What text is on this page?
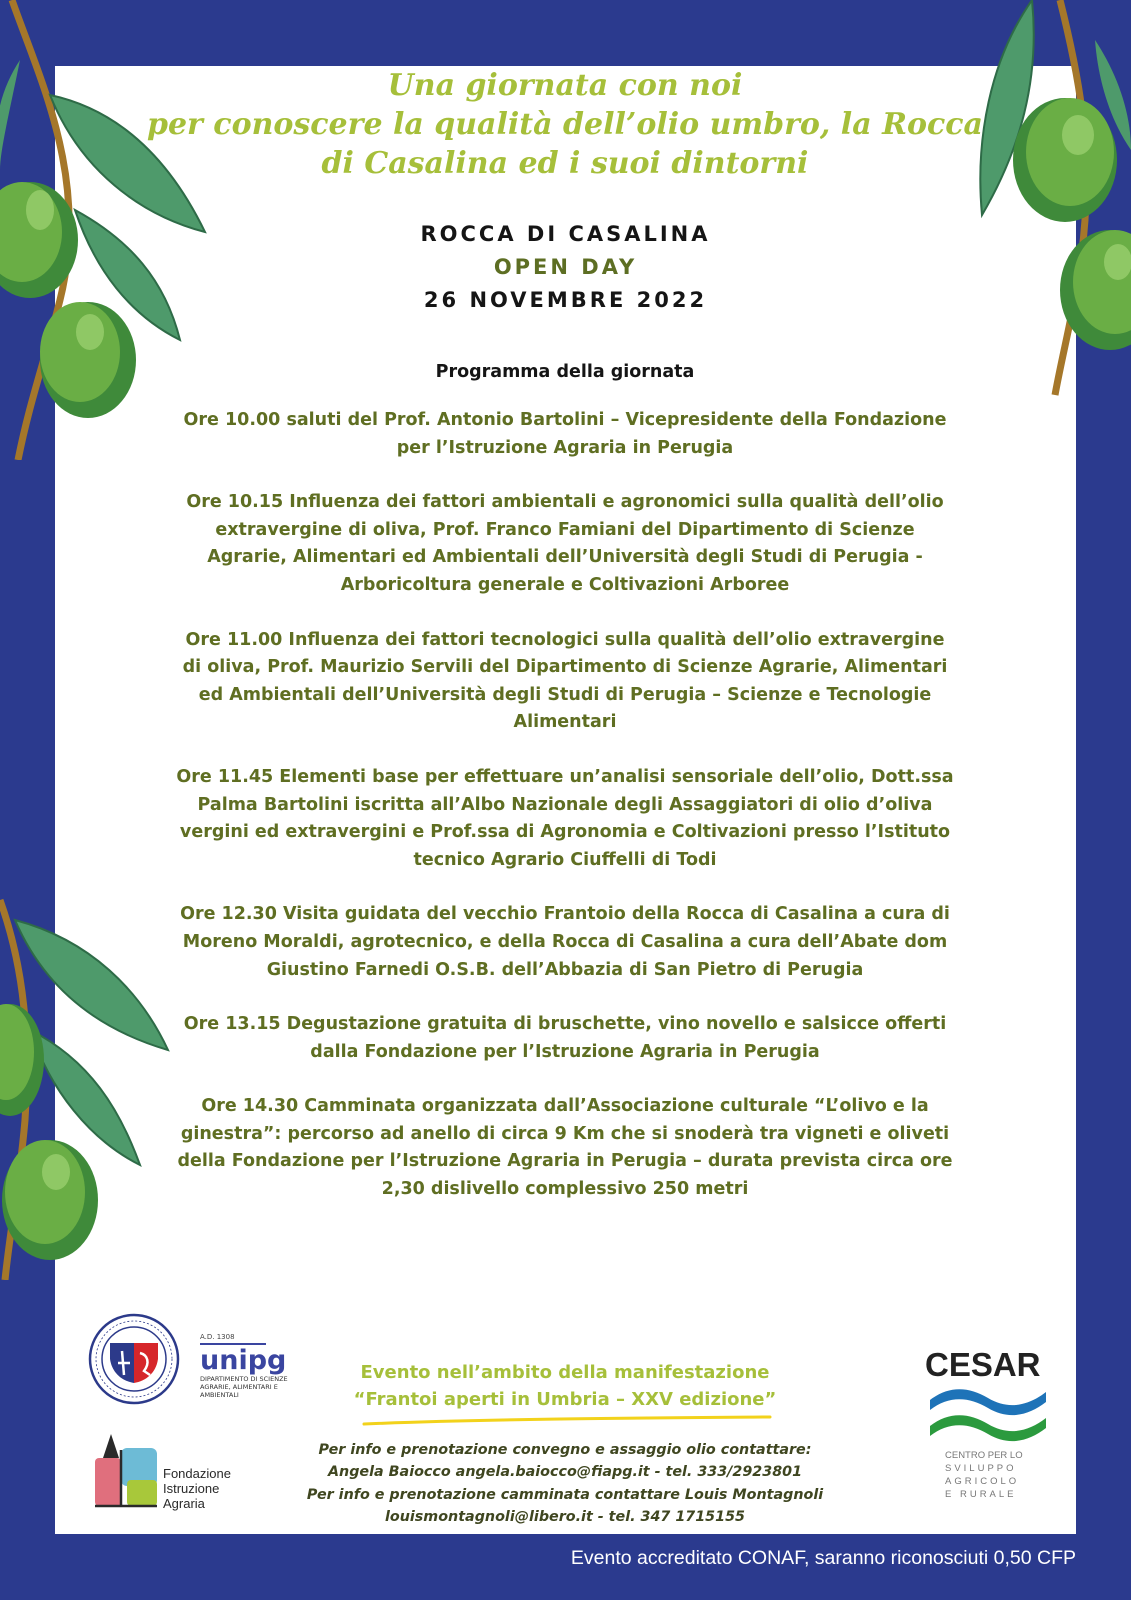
Una giornata con noi
per conoscere la qualità dell’olio umbro, la Rocca
di Casalina ed i suoi dintorni
ROCCA DI CASALINA
OPEN DAY
26 NOVEMBRE 2022
Programma della giornata
Ore 10.00 saluti del Prof. Antonio Bartolini – Vicepresidente della Fondazione per l’Istruzione Agraria in Perugia
Ore 10.15 Influenza dei fattori ambientali e agronomici sulla qualità dell’olio extravergine di oliva, Prof. Franco Famiani del Dipartimento di Scienze Agrarie, Alimentari ed Ambientali dell’Università degli Studi di Perugia - Arboricoltura generale e Coltivazioni Arboree
Ore 11.00 Influenza dei fattori tecnologici sulla qualità dell’olio extravergine di oliva, Prof. Maurizio Servili del Dipartimento di Scienze Agrarie, Alimentari ed Ambientali dell’Università degli Studi di Perugia – Scienze e Tecnologie Alimentari
Ore 11.45 Elementi base per effettuare un’analisi sensoriale dell’olio, Dott.ssa Palma Bartolini iscritta all’Albo Nazionale degli Assaggiatori di olio d’oliva vergini ed extravergini e Prof.ssa di Agronomia e Coltivazioni presso l’Istituto tecnico Agrario Ciuffelli di Todi
Ore 12.30 Visita guidata del vecchio Frantoio della Rocca di Casalina a cura di Moreno Moraldi, agrotecnico, e della Rocca di Casalina a cura dell’Abate dom Giustino Farnedi O.S.B. dell’Abbazia di San Pietro di Perugia
Ore 13.15 Degustazione gratuita di bruschette, vino novello e salsicce offerti dalla Fondazione per l’Istruzione Agraria in Perugia
Ore 14.30 Camminata organizzata dall’Associazione culturale “L’olivo e la ginestra”: percorso ad anello di circa 9 Km che si snoderà tra vigneti e oliveti della Fondazione per l’Istruzione Agraria in Perugia – durata prevista circa ore 2,30 dislivello complessivo 250 metri
Evento nell’ambito della manifestazione
“Frantoi aperti in Umbria – XXV edizione”
Per info e prenotazione convegno e assaggio olio contattare:
Angela Baiocco angela.baiocco@fiapg.it - tel. 333/2923801
Per info e prenotazione camminata contattare Louis Montagnoli
louismontagnoli@libero.it - tel. 347 1715155
A.D. 1308
unipg
DIPARTIMENTO DI SCIENZE AGRARIE, ALIMENTARI E AMBIENTALI
Fondazione
Istruzione
Agraria
CESAR
CENTRO PER LO
SVILUPPO
AGRICOLO
E RURALE
Evento accreditato CONAF, saranno riconosciuti 0,50 CFP
